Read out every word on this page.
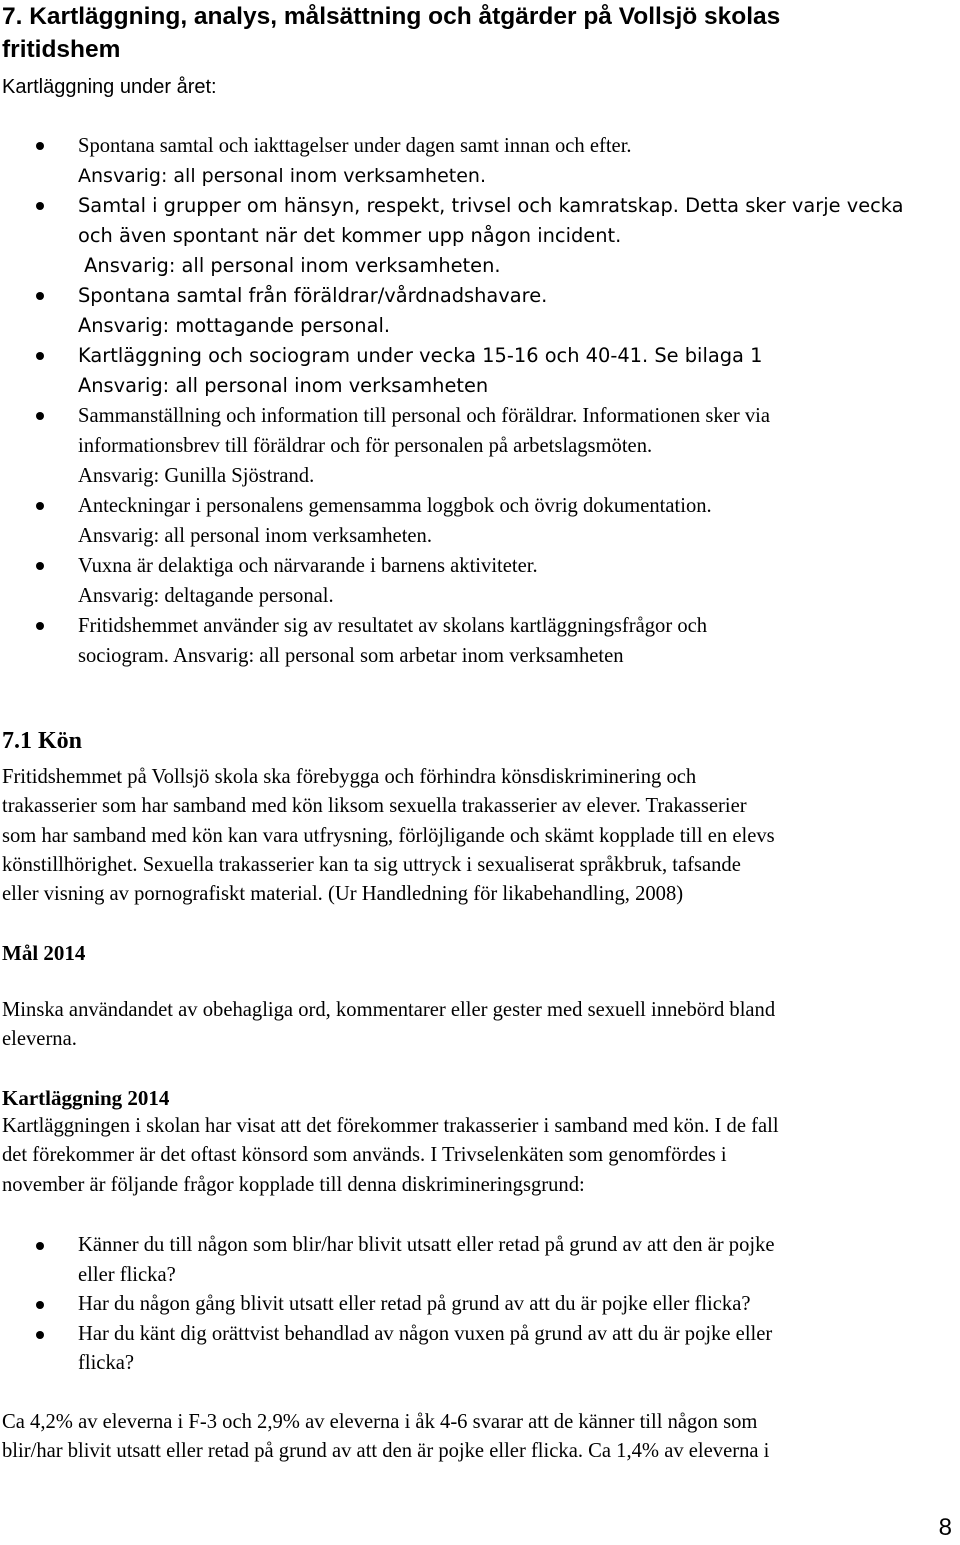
7. Kartläggning, analys, målsättning och åtgärder på Vollsjö skolas
fritidshem

Kartläggning under året:

Spontana samtal och iakttagelser under dagen samt innan och efter.
Ansvarig: all personal inom verksamheten.
Samtal i grupper om hänsyn, respekt, trivsel och kamratskap. Detta sker varje vecka
och även spontant när det kommer upp någon incident.
Ansvarig: all personal inom verksamheten.
Spontana samtal från föräldrar/vårdnadshavare.
Ansvarig: mottagande personal.
Kartläggning och sociogram under vecka 15-16 och 40-41. Se bilaga 1
Ansvarig: all personal inom verksamheten
Sammanställning och information till personal och föräldrar. Informationen sker via
informationsbrev till föräldrar och för personalen på arbetslagsmöten.
Ansvarig: Gunilla Sjöstrand.
Anteckningar i personalens gemensamma loggbok och övrig dokumentation.
Ansvarig: all personal inom verksamheten.
Vuxna är delaktiga och närvarande i barnens aktiviteter.
Ansvarig: deltagande personal.
Fritidshemmet använder sig av resultatet av skolans kartläggningsfrågor och
sociogram. Ansvarig: all personal som arbetar inom verksamheten
7.1 Kön
Fritidshemmet på Vollsjö skola ska förebygga och förhindra könsdiskriminering och
trakasserier som har samband med kön liksom sexuella trakasserier av elever. Trakasserier
som har samband med kön kan vara utfrysning, förlöjligande och skämt kopplade till en elevs
könstillhörighet. Sexuella trakasserier kan ta sig uttryck i sexualiserat språkbruk, tafsande
eller visning av pornografiskt material. (Ur Handledning för likabehandling, 2008)
Mål 2014
Minska användandet av obehagliga ord, kommentarer eller gester med sexuell innebörd bland
eleverna.
Kartläggning 2014
Kartläggningen i skolan har visat att det förekommer trakasserier i samband med kön. I de fall
det förekommer är det oftast könsord som används. I Trivselenkäten som genomfördes i
november är följande frågor kopplade till denna diskrimineringsgrund:
Känner du till någon som blir/har blivit utsatt eller retad på grund av att den är pojke
eller flicka?
Har du någon gång blivit utsatt eller retad på grund av att du är pojke eller flicka?
Har du känt dig orättvist behandlad av någon vuxen på grund av att du är pojke eller
flicka?
Ca 4,2% av eleverna i F-3 och 2,9% av eleverna i åk 4-6 svarar att de känner till någon som
blir/har blivit utsatt eller retad på grund av att den är pojke eller flicka. Ca 1,4% av eleverna i
8
